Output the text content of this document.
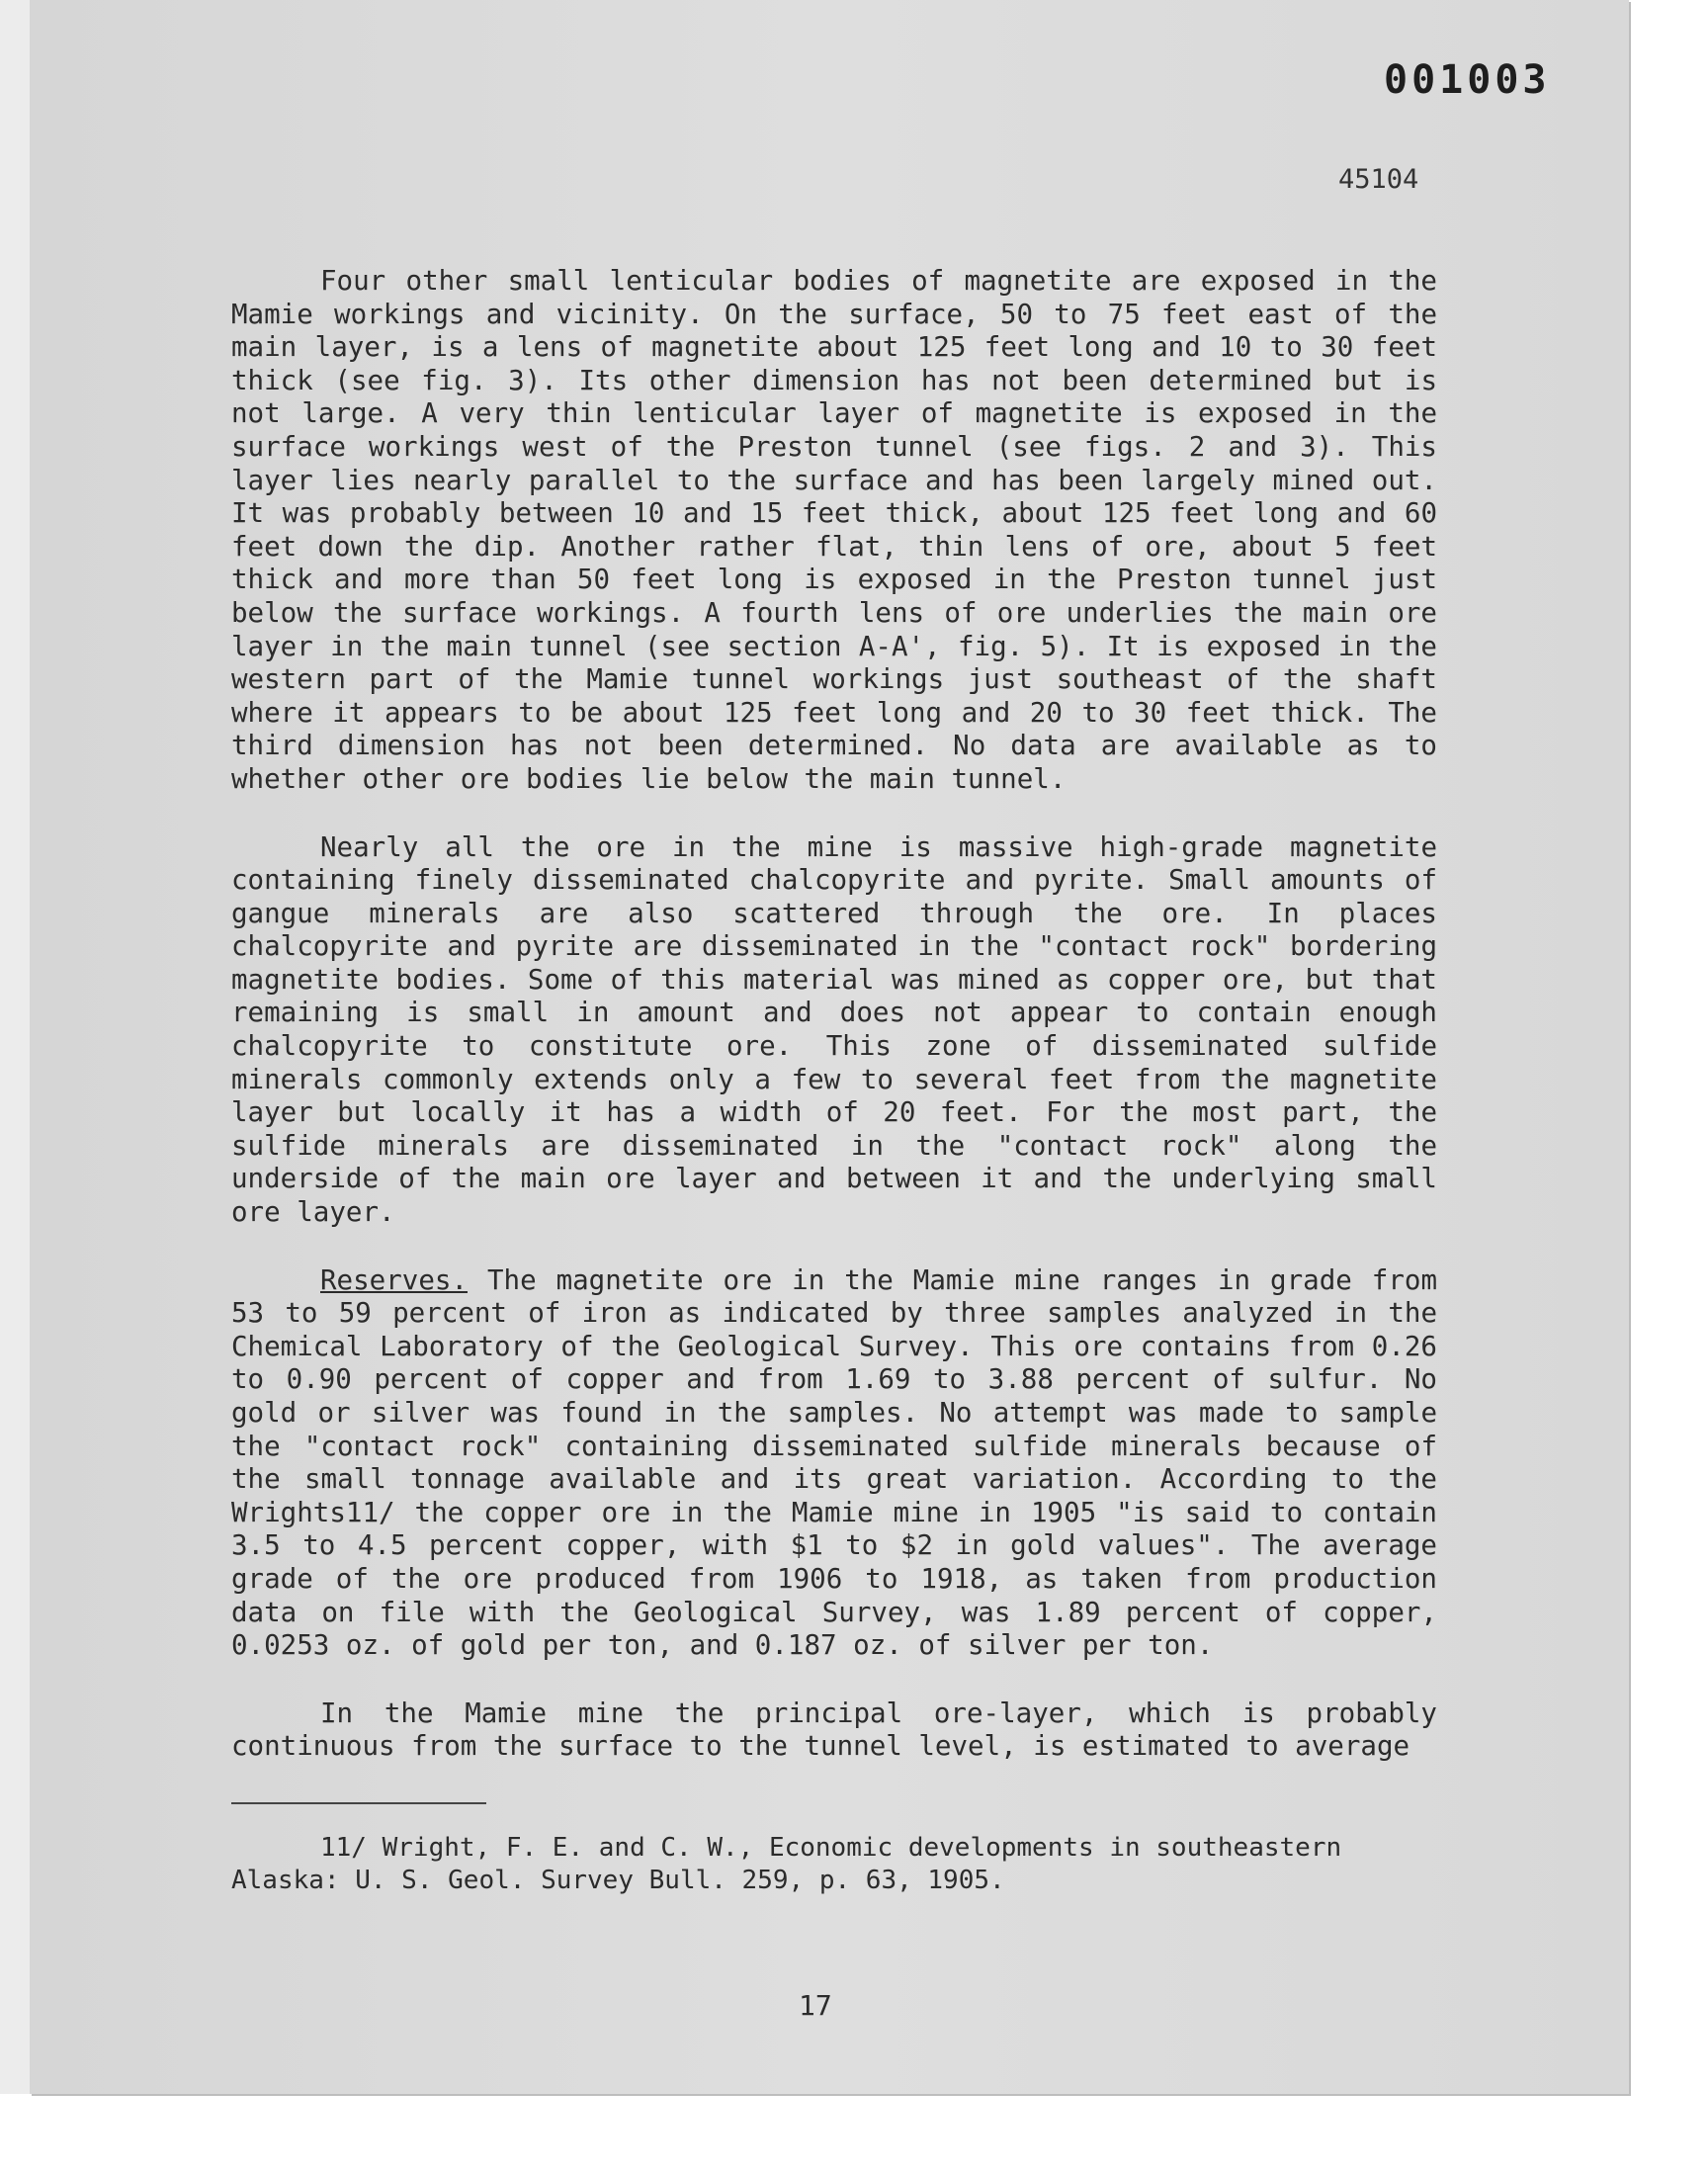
001003
45104

Four other small lenticular bodies of magnetite are exposed in the Mamie workings and vicinity. On the surface, 50 to 75 feet east of the main layer, is a lens of magnetite about 125 feet long and 10 to 30 feet thick (see fig. 3). Its other dimension has not been determined but is not large. A very thin lenticular layer of magnetite is exposed in the surface workings west of the Preston tunnel (see figs. 2 and 3). This layer lies nearly parallel to the surface and has been largely mined out. It was probably between 10 and 15 feet thick, about 125 feet long and 60 feet down the dip. Another rather flat, thin lens of ore, about 5 feet thick and more than 50 feet long is exposed in the Preston tunnel just below the surface workings. A fourth lens of ore underlies the main ore layer in the main tunnel (see section A-A', fig. 5). It is exposed in the western part of the Mamie tunnel workings just southeast of the shaft where it appears to be about 125 feet long and 20 to 30 feet thick. The third dimension has not been determined. No data are available as to whether other ore bodies lie below the main tunnel.

Nearly all the ore in the mine is massive high-grade magnetite containing finely disseminated chalcopyrite and pyrite. Small amounts of gangue minerals are also scattered through the ore. In places chalcopyrite and pyrite are disseminated in the "contact rock" bordering magnetite bodies. Some of this material was mined as copper ore, but that remaining is small in amount and does not appear to contain enough chalcopyrite to constitute ore. This zone of disseminated sulfide minerals commonly extends only a few to several feet from the magnetite layer but locally it has a width of 20 feet. For the most part, the sulfide minerals are disseminated in the "contact rock" along the underside of the main ore layer and between it and the underlying small ore layer.

Reserves. The magnetite ore in the Mamie mine ranges in grade from 53 to 59 percent of iron as indicated by three samples analyzed in the Chemical Laboratory of the Geological Survey. This ore contains from 0.26 to 0.90 percent of copper and from 1.69 to 3.88 percent of sulfur. No gold or silver was found in the samples. No attempt was made to sample the "contact rock" containing disseminated sulfide minerals because of the small tonnage available and its great variation. According to the Wrights11/ the copper ore in the Mamie mine in 1905 "is said to contain 3.5 to 4.5 percent copper, with $1 to $2 in gold values". The average grade of the ore produced from 1906 to 1918, as taken from production data on file with the Geological Survey, was 1.89 percent of copper, 0.0253 oz. of gold per ton, and 0.187 oz. of silver per ton.

In the Mamie mine the principal ore-layer, which is probably continuous from the surface to the tunnel level, is estimated to average

11/ Wright, F. E. and C. W., Economic developments in southeastern Alaska: U. S. Geol. Survey Bull. 259, p. 63, 1905.
17
